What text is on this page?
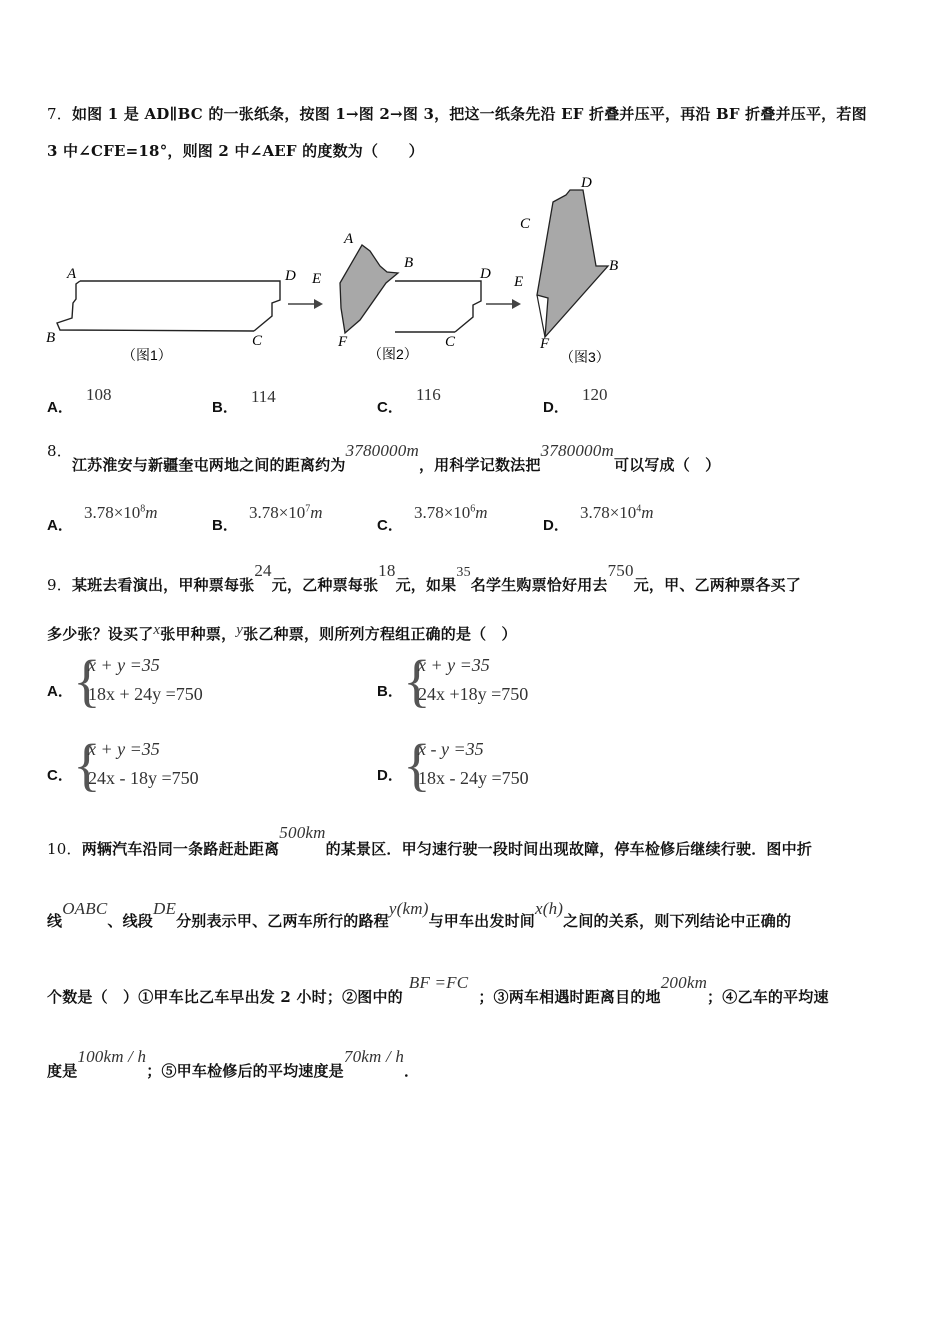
7．如图 1 是 AD∥BC 的一张纸条，按图 1→图 2→图 3，把这一纸条先沿 EF 折叠并压平，再沿 BF 折叠并压平，若图
3 中∠CFE=18°，则图 2 中∠AEF 的度数为（　　）
A	D
B	C
（图1）
A
B
D
E
F	C
（图2）
D
C
B
E
F
（图3）
A． 108
B． 114
C． 116
D． 120
8．江苏淮安与新疆奎屯两地之间的距离约为3780000m，用科学记数法把3780000m可以写成（　）
A． $3.78\times 10^8m$
B． $3.78\times 10^7m$
C． $3.78\times 10^6m$
D． $3.78\times 10^4m$
9．某班去看演出，甲种票每张24元，乙种票每张18元，如果35名学生购票恰好用去750元，甲、乙两种票各买了
多少张？设买了x张甲种票，y张乙种票，则所列方程组正确的是（　）
A． {
x + y =35
18x + 24y =750	B． {
x + y =35
24x +18y =750
C． {
x + y =35
24x - 18y =750	D． {
x - y =35
18x - 24y =750
10．两辆汽车沿同一条路赶赴距离500km的某景区．甲匀速行驶一段时间出现故障，停车检修后继续行驶．图中折
线OABC、线段DE分别表示甲、乙两车所行的路程y(km)与甲车出发时间x(h)之间的关系，则下列结论中正确的
个数是（　）①甲车比乙车早出发 2 小时；②图中的BF =FC；③两车相遇时距离目的地200km；④乙车的平均速
度是100km / h；⑤甲车检修后的平均速度是70km / h．
